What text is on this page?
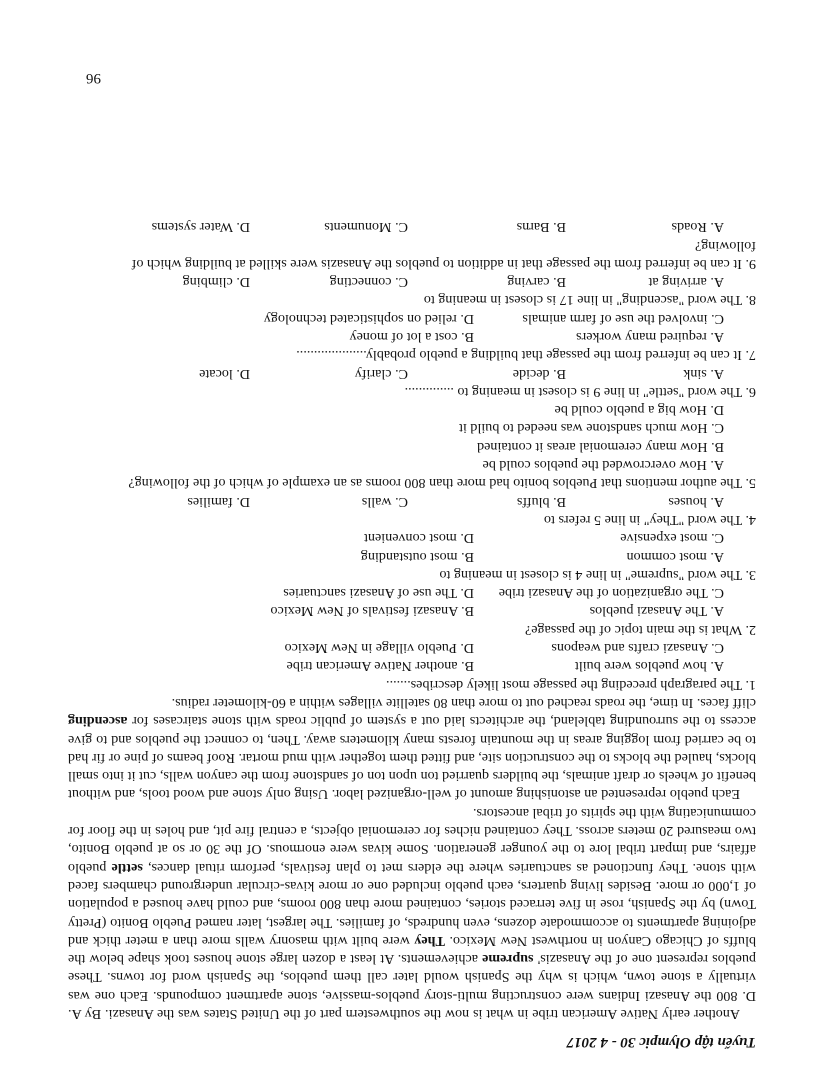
Tuyển tập Olympic 30 - 4 2017

Another early Native American tribe in what is now the southwestern part of the United States was the Anasazi. By A. D. 800 the Anasazi Indians were constructing multi-story pueblos-massive, stone apartment compounds. Each one was virtually a stone town, which is why the Spanish would later call them pueblos, the Spanish word for towns. These pueblos represent one of the Anasazis' supreme achievements. At least a dozen large stone houses took shape below the bluffs of Chicago Canyon in northwest New Mexico. They were built with masonry walls more than a meter thick and adjoining apartments to accommodate dozens, even hundreds, of families. The largest, later named Pueblo Bonito (Pretty Town) by the Spanish, rose in five terraced stories, contained more than 800 rooms, and could have housed a population of 1,000 or more. Besides living quarters, each pueblo included one or more kivas-circular underground chambers faced with stone. They functioned as sanctuaries where the elders met to plan festivals, perform ritual dances, settle pueblo affairs, and impart tribal lore to the younger generation. Some kivas were enormous. Of the 30 or so at pueblo Bonito, two measured 20 meters across. They contained niches for ceremonial objects, a central fire pit, and holes in the floor for communicating with the spirits of tribal ancestors.

Each pueblo represented an astonishing amount of well-organized labor. Using only stone and wood tools, and without benefit of wheels or draft animals, the builders quarried ton upon ton of sandstone from the canyon walls, cut it into small blocks, hauled the blocks to the construction site, and fitted them together with mud mortar. Roof beams of pine or fir had to be carried from logging areas in the mountain forests many kilometers away. Then, to connect the pueblos and to give access to the surrounding tableland, the architects laid out a system of public roads with stone staircases for ascending cliff faces. In time, the roads reached out to more than 80 satellite villages within a 60-kilometer radius.

1. The paragraph preceding the passage most likely describes.......
A. how pueblos were built
B. another Native American tribe
C. Anasazi crafts and weapons
D. Pueblo village in New Mexico
2. What is the main topic of the passage?
A. The Anasazi pueblos
B. Anasazi festivals of New Mexico
C. The organization of the Anasazi tribe
D. The use of Anasazi sanctuaries
3. The word "supreme" in line 4 is closest in meaning to
A. most common
B. most outstanding
C. most expensive
D. most convenient
4. The word "They" in line 5 refers to
A. houses
B. bluffs
C. walls
D. families
5. The author mentions that Pueblos bonito had more than 800 rooms as an example of which of the following?
A. How overcrowded the pueblos could be
B. How many ceremonial areas it contained
C. How much sandstone was needed to build it
D. How big a pueblo could be
6. The word "settle" in line 9 is closest in meaning to ..............
A. sink
B. decide
C. clarify
D. locate
7. It can be inferred from the passage that building a pueblo probably....................
A. required many workers
B. cost a lot of money
C. involved the use of farm animals
D. relied on sophisticated technology
8. The word "ascending" in line 17 is closest in meaning to
A. arriving at
B. carving
C. connecting
D. climbing
9. It can be inferred from the passage that in addition to pueblos the Anasazis were skilled at building which of following?
A. Roads
B. Barns
C. Monuments
D. Water systems
96
